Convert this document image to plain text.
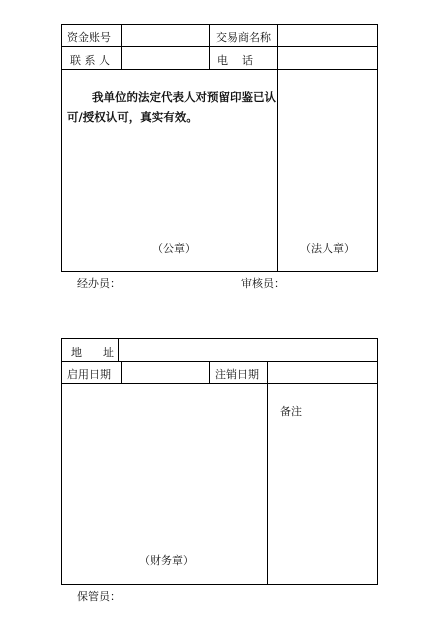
资金账号	交易商名称
联 系 人	电    话
我单位的法定代表人对预留印鉴已认
可/授权认可，真实有效。
（公章）	（法人章）
经办员：	审核员：
地      址
启用日期	注销日期
备注
（财务章）
保管员：
